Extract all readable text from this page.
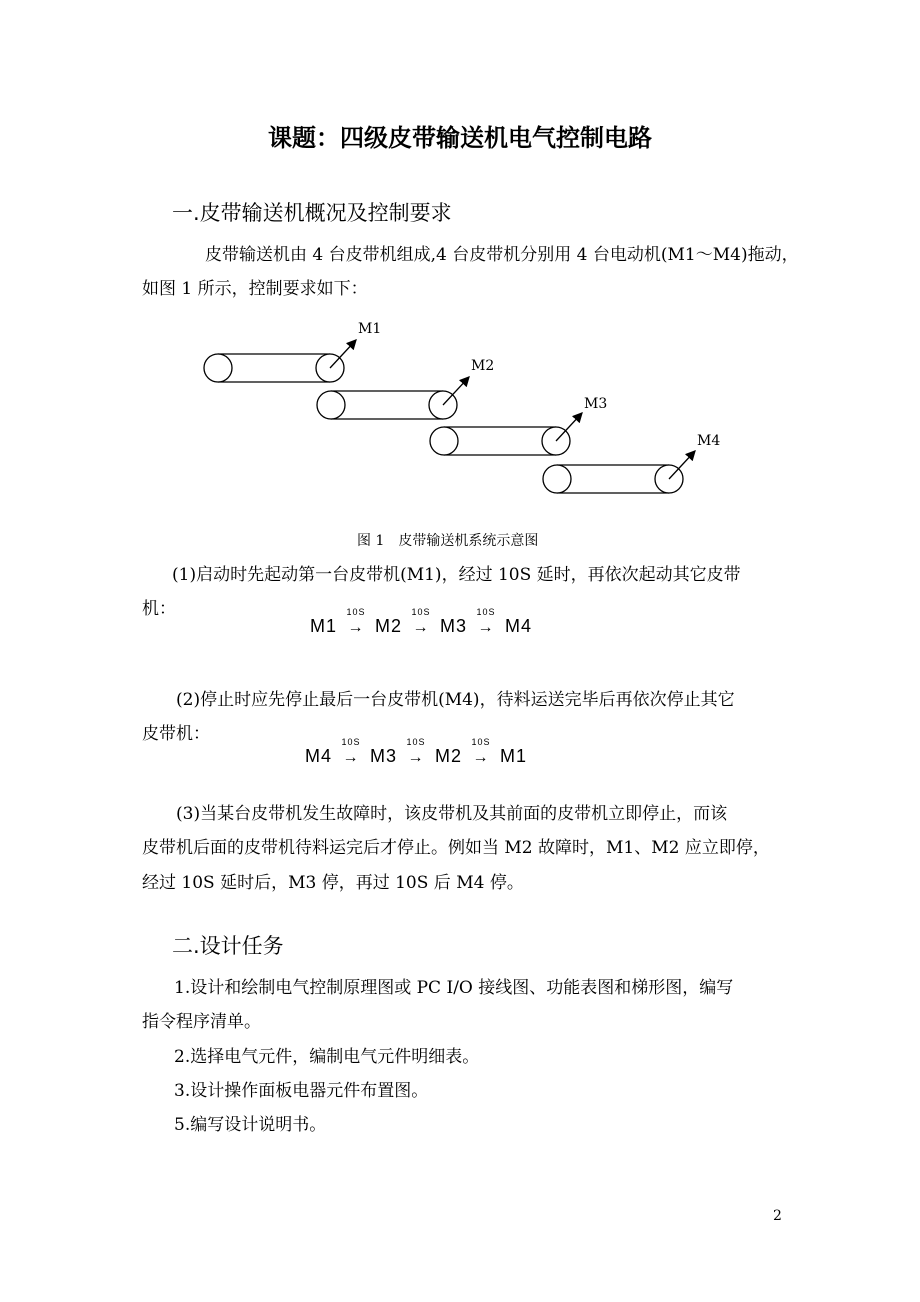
课题：四级皮带输送机电气控制电路
一.皮带输送机概况及控制要求
皮带输送机由 4 台皮带机组成,4 台皮带机分别用 4 台电动机(M1～M4)拖动，
如图 1 所示，控制要求如下：
M1
M2
M3
M4
图 1　皮带输送机系统示意图
(1)启动时先起动第一台皮带机(M1)，经过 10S 延时，再依次起动其它皮带
机：
M1
10S
→ M2
10S
→ M3
10S
→ M4
(2)停止时应先停止最后一台皮带机(M4)，待料运送完毕后再依次停止其它
皮带机：
M4
10S
→ M3
10S
→ M2
10S
→ M1
(3)当某台皮带机发生故障时，该皮带机及其前面的皮带机立即停止，而该
皮带机后面的皮带机待料运完后才停止。例如当 M2 故障时，M1、M2 应立即停，
经过 10S 延时后，M3 停，再过 10S 后 M4 停。
二.设计任务
1.设计和绘制电气控制原理图或 PC I/O 接线图、功能表图和梯形图，编写
指令程序清单。
2.选择电气元件，编制电气元件明细表。
3.设计操作面板电器元件布置图。
5.编写设计说明书。
2
